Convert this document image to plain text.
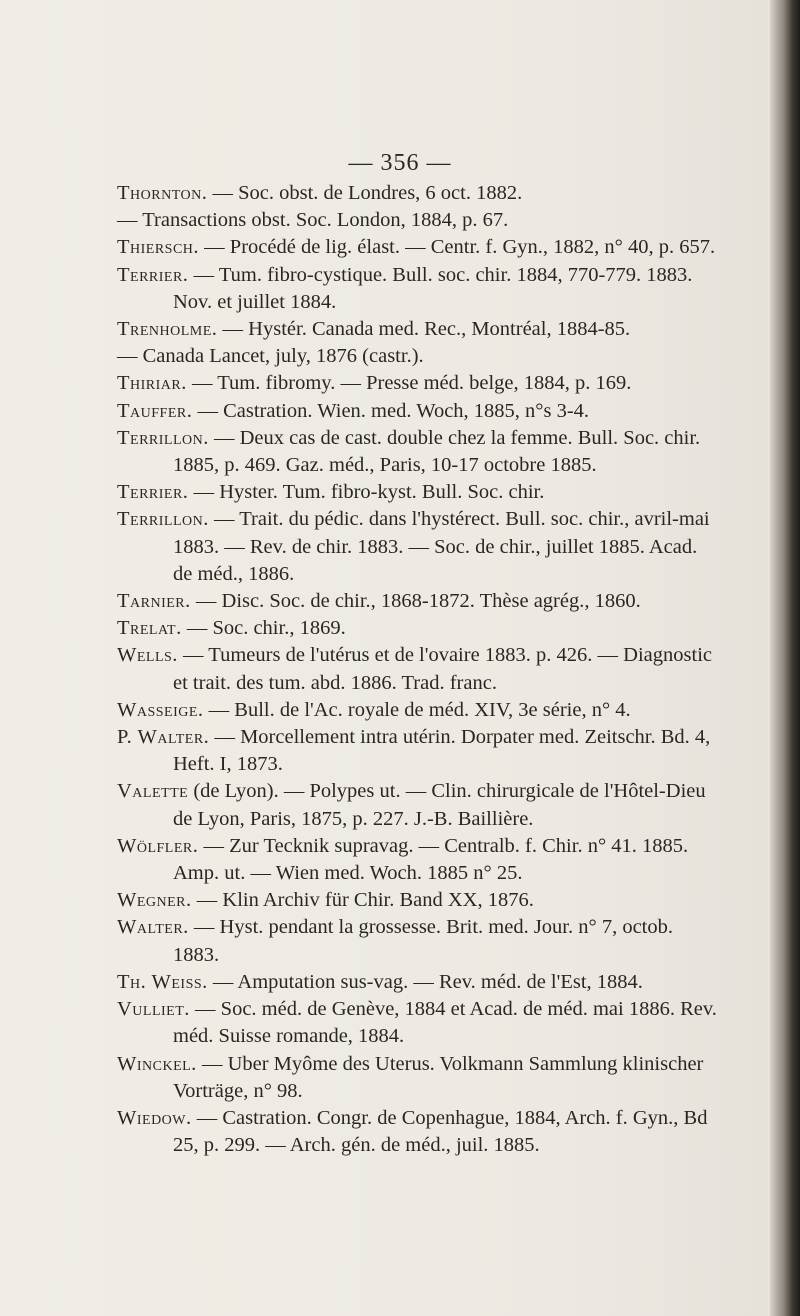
— 356 —

Thornton. — Soc. obst. de Londres, 6 oct. 1882.

— Transactions obst. Soc. London, 1884, p. 67.

Thiersch. — Procédé de lig. élast. — Centr. f. Gyn., 1882, n° 40, p. 657.

Terrier. — Tum. fibro-cystique. Bull. soc. chir. 1884, 770-779. 1883. Nov. et juillet 1884.

Trenholme. — Hystér. Canada med. Rec., Montréal, 1884-85.

— Canada Lancet, july, 1876 (castr.).

Thiriar. — Tum. fibromy. — Presse méd. belge, 1884, p. 169.

Tauffer. — Castration. Wien. med. Woch, 1885, n°s 3-4.

Terrillon. — Deux cas de cast. double chez la femme. Bull. Soc. chir. 1885, p. 469. Gaz. méd., Paris, 10-17 octobre 1885.

Terrier. — Hyster. Tum. fibro-kyst. Bull. Soc. chir.

Terrillon. — Trait. du pédic. dans l'hystérect. Bull. soc. chir., avril-mai 1883. — Rev. de chir. 1883. — Soc. de chir., juillet 1885. Acad. de méd., 1886.

Tarnier. — Disc. Soc. de chir., 1868-1872. Thèse agrég., 1860.

Trelat. — Soc. chir., 1869.

Wells. — Tumeurs de l'utérus et de l'ovaire 1883. p. 426. — Diagnostic et trait. des tum. abd. 1886. Trad. franc.

Wasseige. — Bull. de l'Ac. royale de méd. XIV, 3e série, n° 4.

P. Walter. — Morcellement intra utérin. Dorpater med. Zeitschr. Bd. 4, Heft. I, 1873.

Valette (de Lyon). — Polypes ut. — Clin. chirurgicale de l'Hôtel-Dieu de Lyon, Paris, 1875, p. 227. J.-B. Baillière.

Wölfler. — Zur Tecknik supravag. — Centralb. f. Chir. n° 41. 1885. Amp. ut. — Wien med. Woch. 1885 n° 25.

Wegner. — Klin Archiv für Chir. Band XX, 1876.

Walter. — Hyst. pendant la grossesse. Brit. med. Jour. n° 7, octob. 1883.

Th. Weiss. — Amputation sus-vag. — Rev. méd. de l'Est, 1884.

Vulliet. — Soc. méd. de Genève, 1884 et Acad. de méd. mai 1886. Rev. méd. Suisse romande, 1884.

Winckel. — Uber Myôme des Uterus. Volkmann Sammlung klinischer Vorträge, n° 98.

Wiedow. — Castration. Congr. de Copenhague, 1884, Arch. f. Gyn., Bd 25, p. 299. — Arch. gén. de méd., juil. 1885.
